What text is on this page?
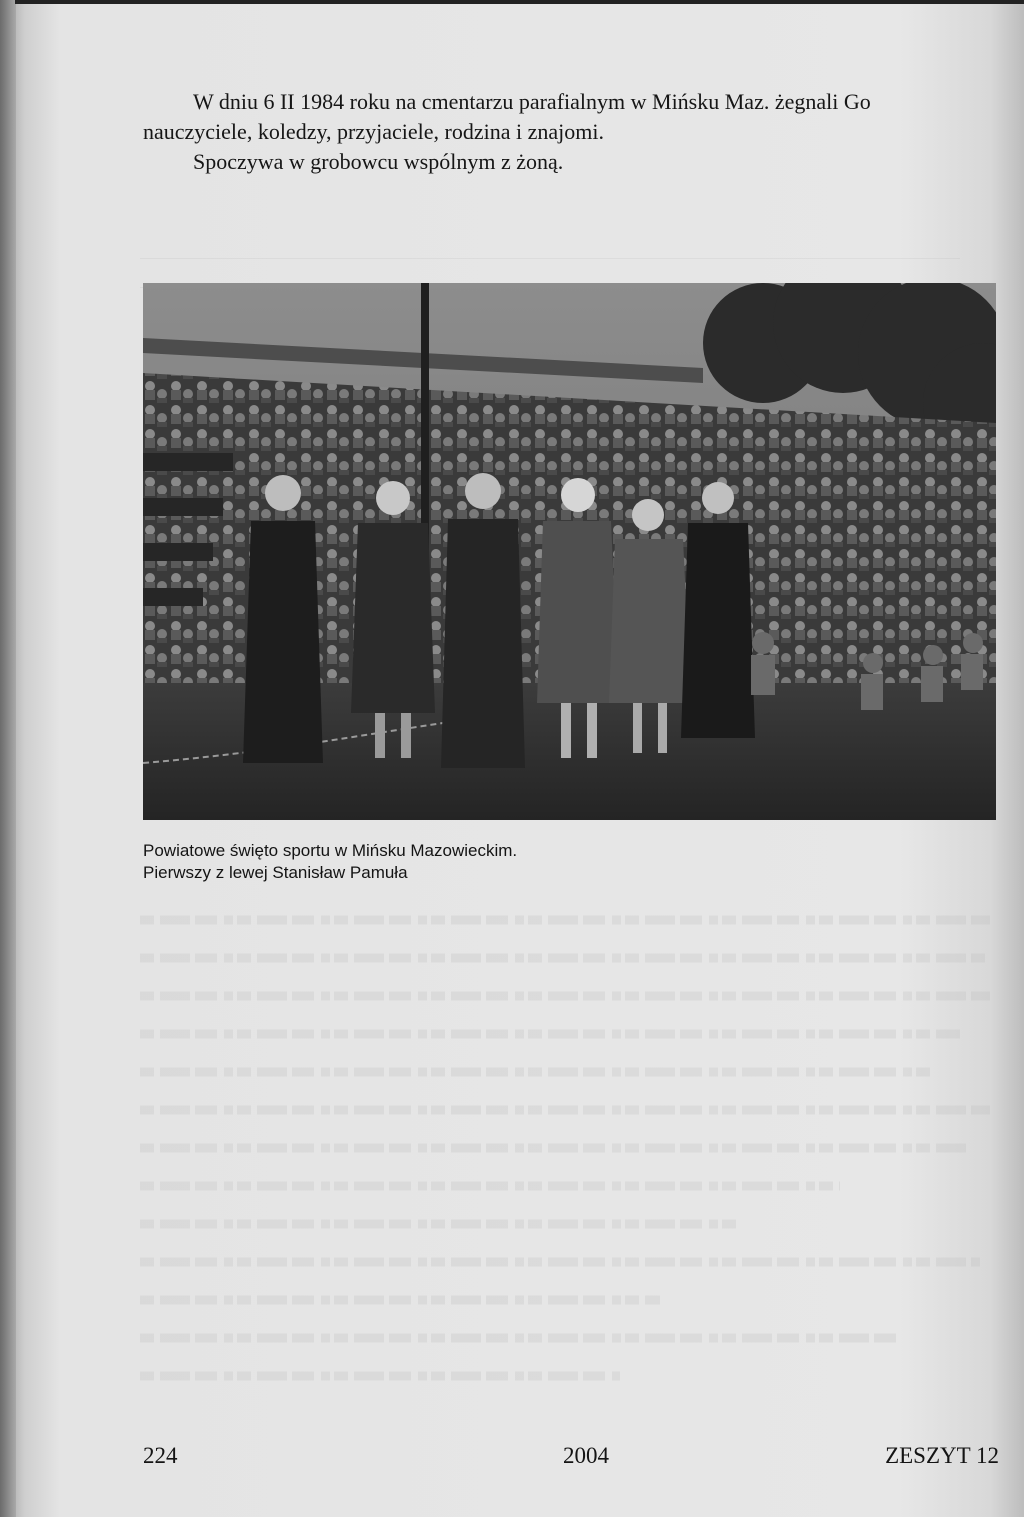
W dniu 6 II 1984 roku na cmentarzu parafialnym w Mińsku Maz. żegnali Go

nauczyciele, koledzy, przyjaciele, rodzina i znajomi.

Spoczywa w grobowcu wspólnym z żoną.

Powiatowe święto sportu w Mińsku Mazowieckim.

Pierwszy z lewej Stanisław Pamuła

224	2004	ZESZYT 12
